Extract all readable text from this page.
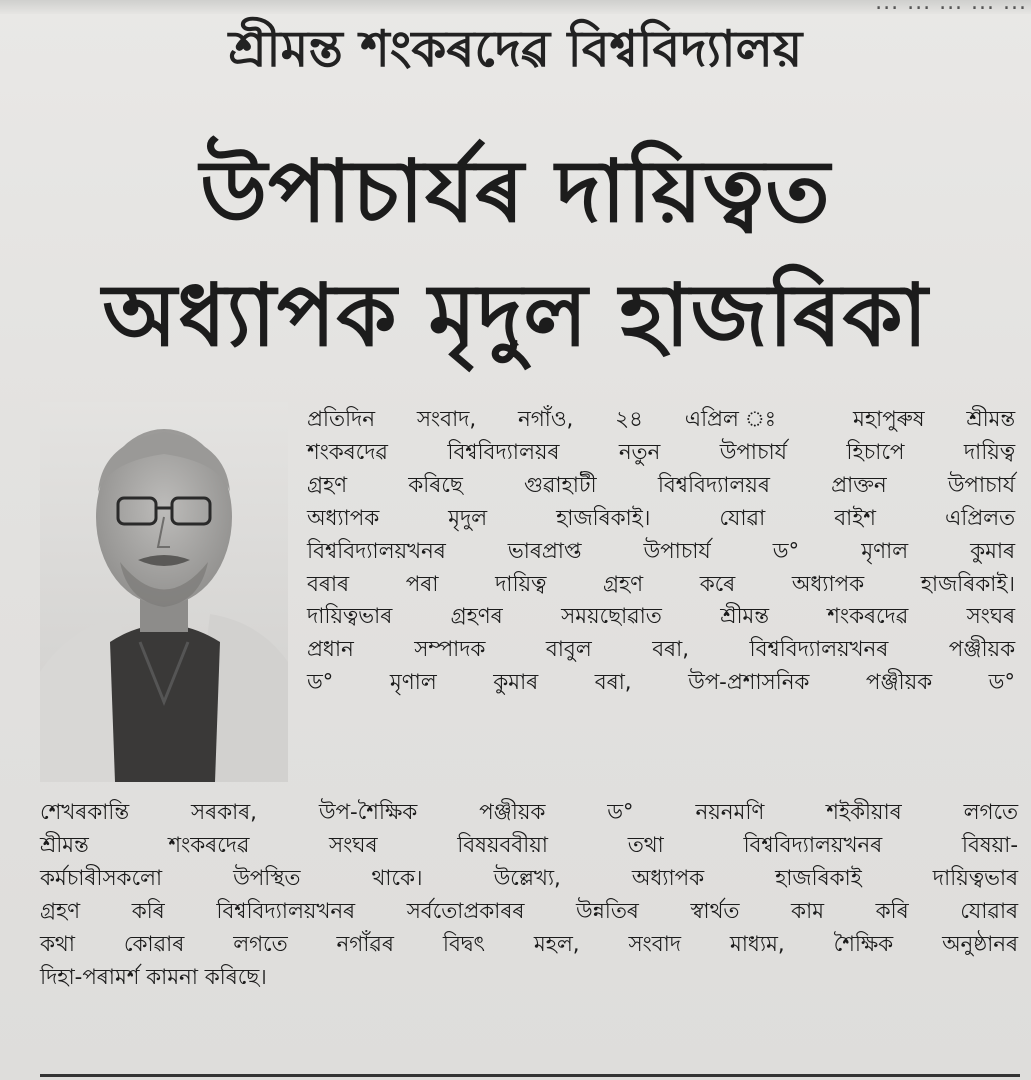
... ... ... ... ...
শ্ৰীমন্ত শংকৰদেৱ বিশ্ববিদ্যালয়
উপাচাৰ্যৰ দায়িত্বত
অধ্যাপক মৃদুল হাজৰিকা
প্ৰতিদিন সংবাদ, নগাঁও, ২৪ এপ্ৰিল ঃ মহাপুৰুষ শ্ৰীমন্ত
শংকৰদেৱ বিশ্ববিদ্যালয়ৰ নতুন উপাচাৰ্য হিচাপে দায়িত্ব
গ্ৰহণ কৰিছে গুৱাহাটী বিশ্ববিদ্যালয়ৰ প্ৰাক্তন উপাচাৰ্য
অধ্যাপক মৃদুল হাজৰিকাই। যোৱা বাইশ এপ্ৰিলত
বিশ্ববিদ্যালয়খনৰ ভাৰপ্ৰাপ্ত উপাচাৰ্য ড° মৃণাল কুমাৰ
বৰাৰ পৰা দায়িত্ব গ্ৰহণ কৰে অধ্যাপক হাজৰিকাই।
দায়িত্বভাৰ গ্ৰহণৰ সময়ছোৱাত শ্ৰীমন্ত শংকৰদেৱ সংঘৰ
প্ৰধান সম্পাদক বাবুল বৰা, বিশ্ববিদ্যালয়খনৰ পঞ্জীয়ক
ড° মৃণাল কুমাৰ বৰা, উপ-প্ৰশাসনিক পঞ্জীয়ক ড°
শেখৰকান্তি সৰকাৰ, উপ-শৈক্ষিক পঞ্জীয়ক ড° নয়নমণি শইকীয়াৰ লগতে
শ্ৰীমন্ত শংকৰদেৱ সংঘৰ বিষয়ববীয়া তথা বিশ্ববিদ্যালয়খনৰ বিষয়া-
কৰ্মচাৰীসকলো উপস্থিত থাকে। উল্লেখ্য, অধ্যাপক হাজৰিকাই দায়িত্বভাৰ
গ্ৰহণ কৰি বিশ্ববিদ্যালয়খনৰ সৰ্বতোপ্ৰকাৰৰ উন্নতিৰ স্বাৰ্থত কাম কৰি যোৱাৰ
কথা কোৱাৰ লগতে নগাঁৱৰ বিদ্বৎ মহল, সংবাদ মাধ্যম, শৈক্ষিক অনুষ্ঠানৰ
দিহা-পৰামৰ্শ কামনা কৰিছে।
